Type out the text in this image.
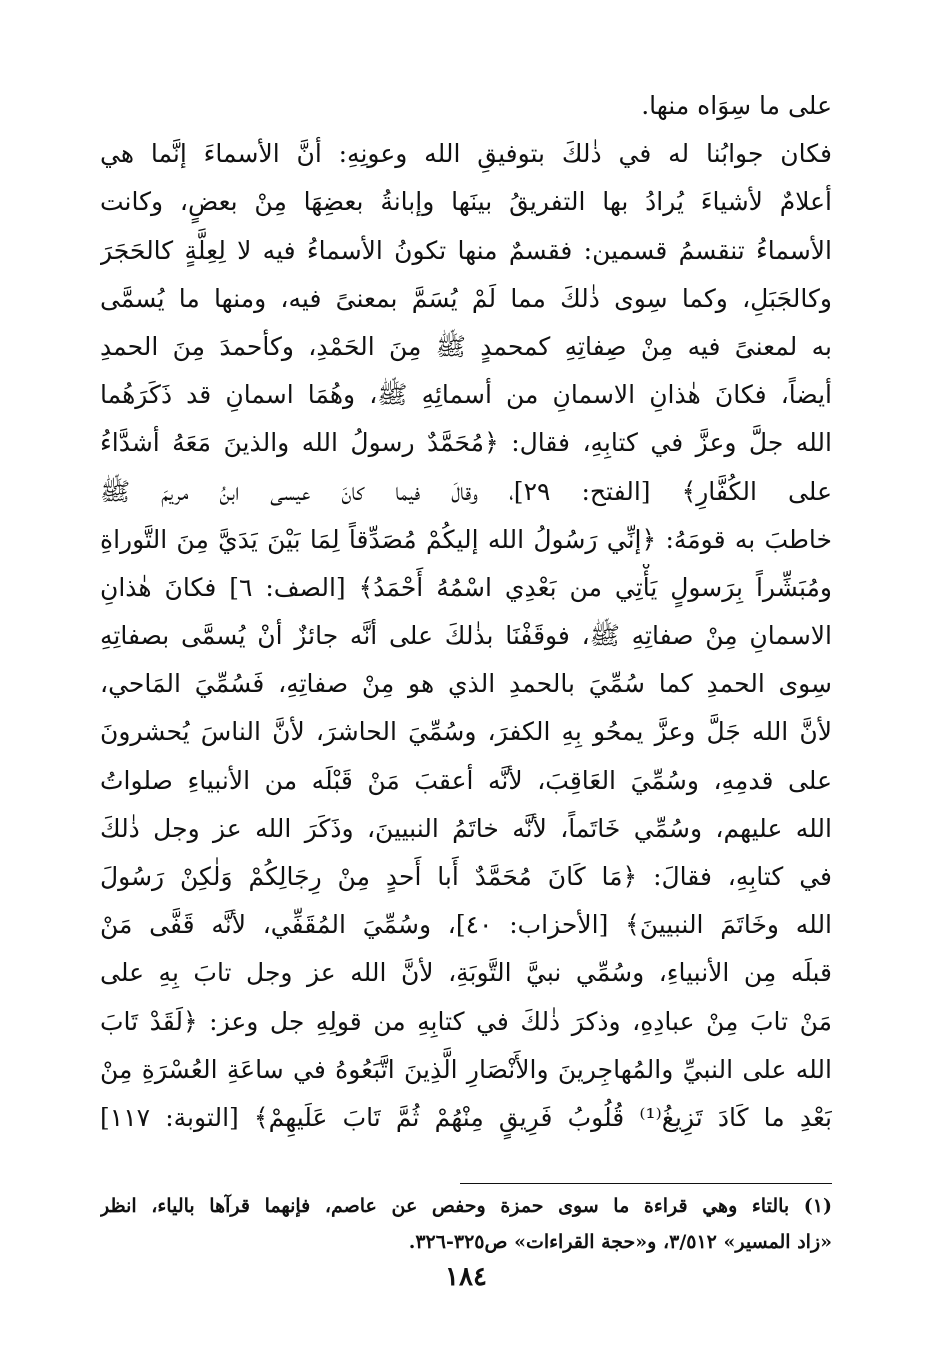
على ما سِوَاه منها.
فكان جوابُنا له في ذٰلكَ بتوفيقِ الله وعونِهِ: أنَّ الأسماءَ إنَّما هي
أعلامٌ لأشياءَ يُرادُ بها التفريقُ بينَها وإبانةُ بعضِهَا مِنْ بعضٍ، وكانت
الأسماءُ تنقسمُ قسمين: فقسمٌ منها تكونُ الأسماءُ فيه لا لِعِلَّةٍ كالحَجَرَ
وكالجَبَلِ، وكما سِوى ذٰلكَ مما لَمْ يُسَمَّ بمعنىً فيه، ومنها ما يُسمَّى
به لمعنىً فيه مِنْ صِفاتِهِ كمحمدٍ ﷺ مِنَ الحَمْدِ، وكأحمدَ مِنَ الحمدِ
أيضاً، فكانَ هٰذانِ الاسمانِ من أسمائِهِ ﷺ، وهُمَا اسمانِ قد ذَكَرَهُما
الله جلَّ وعزَّ في كتابِهِ، فقال: ﴿مُحَمَّدٌ رسولُ الله والذينَ مَعَهُ أشدَّاءُ
على الكُفَّارِ﴾ [الفتح: ٢٩]، وقالَ فيما كانَ عيسى ابنُ مريمَ ﷺ
خاطبَ به قومَهُ: ﴿إنِّي رَسُولُ الله إليكُمْ مُصَدِّقاً لِمَا بَيْنَ يَدَيَّ مِنَ التَّوراةِ
ومُبَشِّراً بِرَسولٍ يَأْتِي من بَعْدِي اسْمُهُ أَحْمَدُ﴾ [الصف: ٦] فكانَ هٰذانِ
الاسمانِ مِنْ صفاتِهِ ﷺ، فوقَفْنَا بذٰلكَ على أنَّه جائزٌ أنْ يُسمَّى بصفاتِهِ
سِوى الحمدِ كما سُمِّيَ بالحمدِ الذي هو مِنْ صفاتِهِ، فَسُمِّيَ المَاحي،
لأنَّ الله جَلَّ وعزَّ يمحُو بِهِ الكفرَ، وسُمِّيَ الحاشرَ، لأنَّ الناسَ يُحشرونَ
على قدمِهِ، وسُمِّيَ العَاقِبَ، لأنَّه أعقبَ مَنْ قَبْلَه من الأنبياءِ صلواتُ
الله عليهم، وسُمِّي خَاتَماً، لأنَّه خاتَمُ النبيينَ، وذَكَرَ الله عز وجل ذٰلكَ
في كتابِهِ، فقالَ: ﴿مَا كَانَ مُحَمَّدٌ أَبا أَحدٍ مِنْ رِجَالِكُمْ وَلٰكِنْ رَسُولَ
الله وخَاتَمَ النبيينَ﴾ [الأحزاب: ٤٠]، وسُمِّيَ المُقَفِّي، لأنَّه قَفَّى مَنْ
قبلَه مِن الأنبياءِ، وسُمِّي نبيَّ التَّوبَةِ، لأنَّ الله عز وجل تابَ بِهِ على
مَنْ تابَ مِنْ عبادِهِ، وذكرَ ذٰلكَ في كتابِهِ من قولِهِ جل وعز: ﴿لَقَدْ تَابَ
الله على النبيِّ والمُهاجِرينَ والأَنْصَارِ الَّذِينَ اتَّبَعُوهُ في ساعَةِ العُسْرَةِ مِنْ
بَعْدِ ما كَادَ تَزِيغُ⁽¹⁾ قُلُوبُ فَرِيقٍ مِنْهُمْ ثُمَّ تَابَ عَلَيهِمْ﴾ [التوبة: ١١٧]
(١) بالتاء وهي قراءة ما سوى حمزة وحفص عن عاصم، فإنهما قرآها بالياء، انظر
«زاد المسير» ٣/٥١٢، و«حجة القراءات» ص٣٢٥-٣٢٦.
١٨٤
